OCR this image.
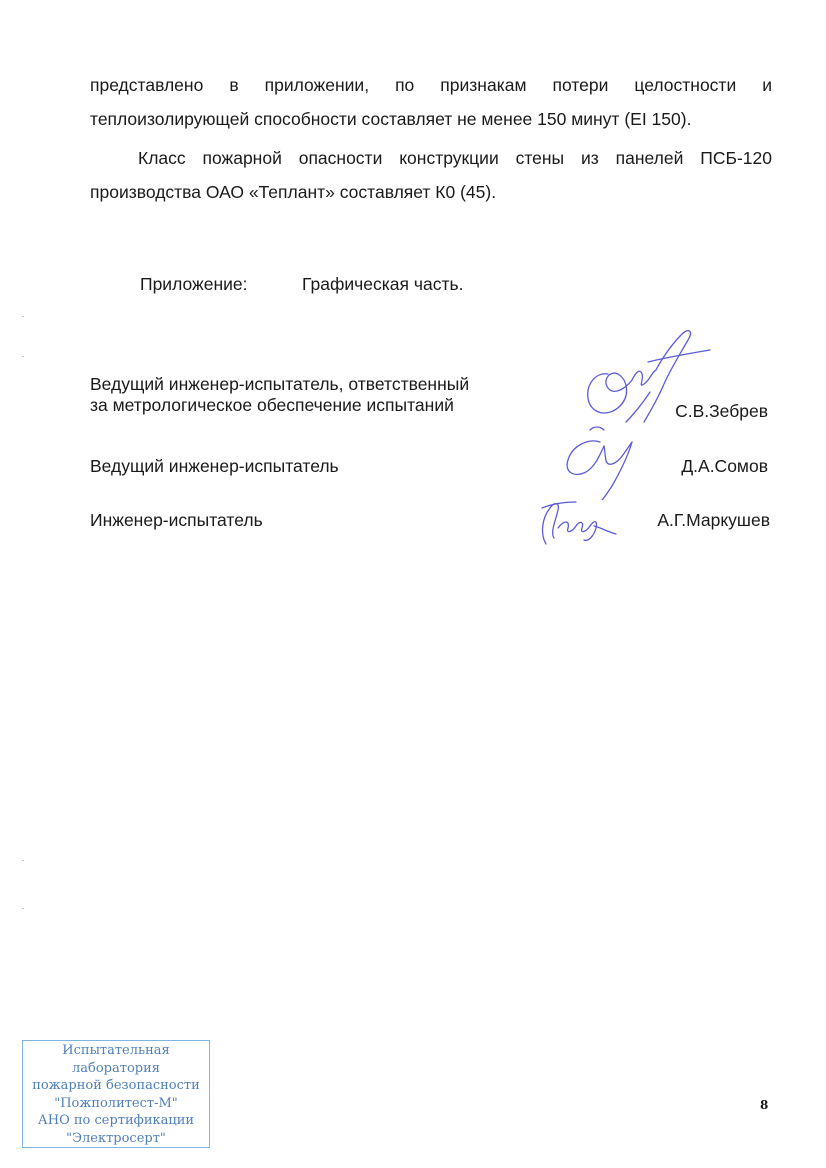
представлено в приложении, по признакам потери целостности и
теплоизолирующей способности составляет не менее 150 минут (EI 150).
Класс пожарной опасности конструкции стены из панелей ПСБ-120
производства ОАО «Теплант» составляет К0 (45).
Приложение:	Графическая часть.
Ведущий инженер-испытатель, ответственный
за метрологическое обеспечение испытаний	С.В.Зебрев
Ведущий инженер-испытатель	Д.А.Сомов
Инженер-испытатель	А.Г.Маркушев
Испытательная
лаборатория
пожарной безопасности
"Пожполитест-М"
АНО по сертификации
"Электросерт"
8
